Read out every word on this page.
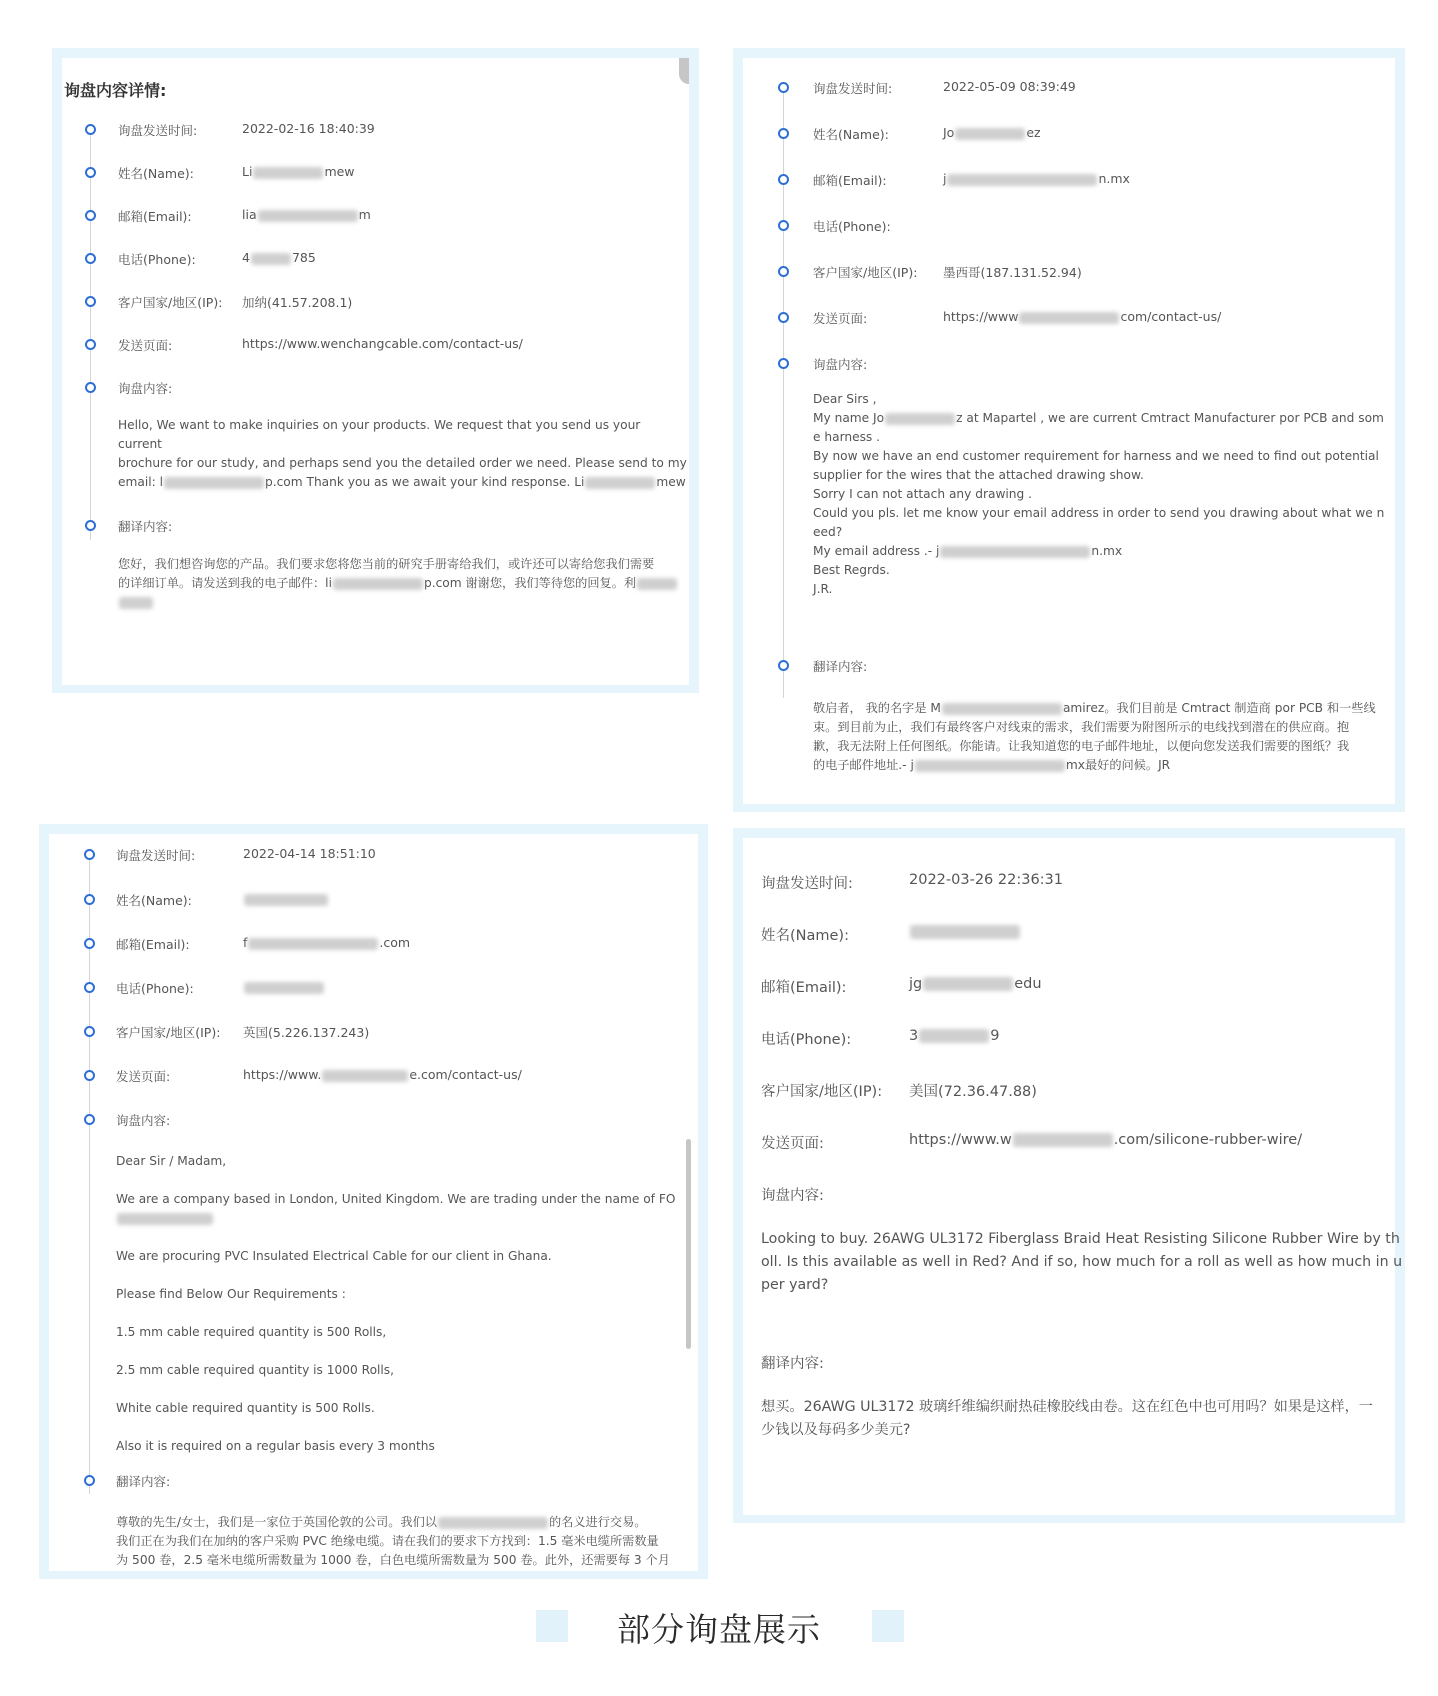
询盘内容详情:
询盘发送时间:	2022-02-16 18:40:39
姓名(Name):	Li	mew
邮箱(Email):	lia	m
电话(Phone):	4	785
客户国家/地区(IP): 加纳(41.57.208.1)
发送页面:	https://www.wenchangcable.com/contact-us/
询盘内容:

Hello, We want to make inquiries on your products. We request that you send us your current

brochure for our study, and perhaps send you the detailed order we need. Please send to my

email: l	p.com Thank you as we await your kind response. Li	mew

翻译内容:

您好，我们想咨询您的产品。我们要求您将您当前的研究手册寄给我们，或许还可以寄给您我们需要

的详细订单。请发送到我的电子邮件：li	p.com 谢谢您，我们等待您的回复。利

询盘发送时间:	2022-05-09 08:39:49
姓名(Name):	Jo	ez
邮箱(Email):	j	n.mx
电话(Phone):
客户国家/地区(IP): 墨西哥(187.131.52.94)
发送页面:	https://www	com/contact-us/
询盘内容:

Dear Sirs ,

My name Jo	z at Mapartel , we are current Cmtract Manufacturer por PCB and som

e harness .

By now we have an end customer requirement for harness and we need to find out potential

supplier for the wires that the attached drawing show.

Sorry I can not attach any drawing .

Could you pls. let me know your email address in order to send you drawing about what we n

eed?

My email address .- j	n.mx

Best Regrds.

J.R.

翻译内容:

敬启者， 我的名字是 M	amirez。我们目前是 Cmtract 制造商 por PCB 和一些线

束。到目前为止，我们有最终客户对线束的需求，我们需要为附图所示的电线找到潜在的供应商。抱

歉，我无法附上任何图纸。你能请。让我知道您的电子邮件地址，以便向您发送我们需要的图纸？我

的电子邮件地址.- j	mx最好的问候。JR

询盘发送时间:	2022-04-14 18:51:10
姓名(Name):
邮箱(Email):	f	.com
电话(Phone):
客户国家/地区(IP): 英国(5.226.137.243)
发送页面:	https://www.	e.com/contact-us/
询盘内容:

Dear Sir / Madam,

We are a company based in London, United Kingdom. We are trading under the name of FO

We are procuring PVC Insulated Electrical Cable for our client in Ghana.

Please find Below Our Requirements :

1.5 mm cable required quantity is 500 Rolls,

2.5 mm cable required quantity is 1000 Rolls,

White cable required quantity is 500 Rolls.

Also it is required on a regular basis every 3 months

翻译内容:

尊敬的先生/女士，我们是一家位于英国伦敦的公司。我们以	的名义进行交易。

我们正在为我们在加纳的客户采购 PVC 绝缘电缆。请在我们的要求下方找到：1.5 毫米电缆所需数量

为 500 卷，2.5 毫米电缆所需数量为 1000 卷，白色电缆所需数量为 500 卷。此外，还需要每 3 个月

询盘发送时间:	2022-03-26 22:36:31
姓名(Name):
邮箱(Email):	jg	edu
电话(Phone):	3	9
客户国家/地区(IP): 美国(72.36.47.88)
发送页面:	https://www.w	.com/silicone-rubber-wire/
询盘内容:
Looking to buy. 26AWG UL3172 Fiberglass Braid Heat Resisting Silicone Rubber Wire by th
oll. Is this available as well in Red? And if so, how much for a roll as well as how much in u
per yard?
翻译内容:
想买。26AWG UL3172 玻璃纤维编织耐热硅橡胶线由卷。这在红色中也可用吗？如果是这样，一
少钱以及每码多少美元?
部分询盘展示
